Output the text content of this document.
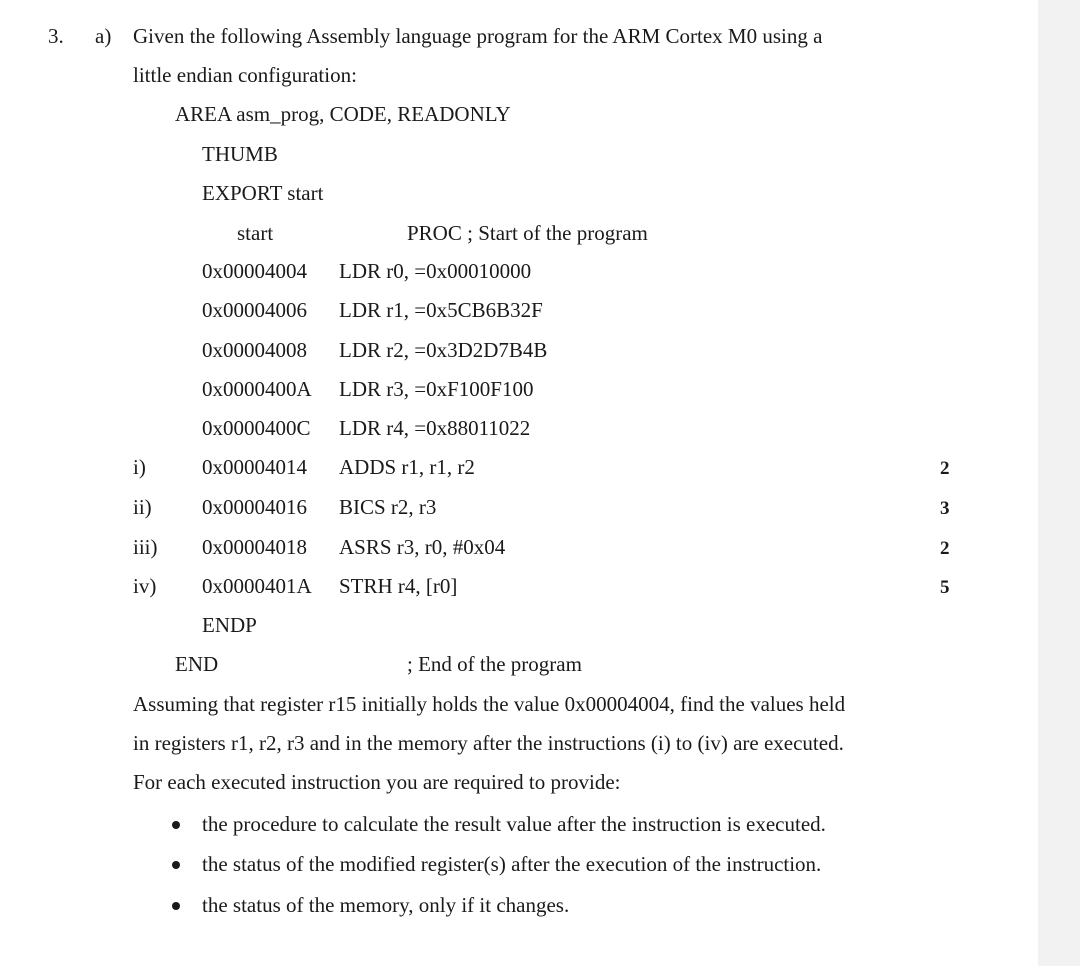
3. a) Given the following Assembly language program for the ARM Cortex M0 using a
little endian configuration:
AREA asm_prog, CODE, READONLY
THUMB
EXPORT start
start	PROC ; Start of the program
0x00004004 LDR r0, =0x00010000
0x00004006 LDR r1, =0x5CB6B32F
0x00004008 LDR r2, =0x3D2D7B4B
0x0000400A LDR r3, =0xF100F100
0x0000400C LDR r4, =0x88011022
i)	0x00004014 ADDS r1, r1, r2	2
ii) 0x00004016 BICS r2, r3	3
iii) 0x00004018 ASRS r3, r0, #0x04	2
iv) 0x0000401A STRH r4, [r0]	5
ENDP
END	; End of the program
Assuming that register r15 initially holds the value 0x00004004, find the values held
in registers r1, r2, r3 and in the memory after the instructions (i) to (iv) are executed.
For each executed instruction you are required to provide:
the procedure to calculate the result value after the instruction is executed.
the status of the modified register(s) after the execution of the instruction.
the status of the memory, only if it changes.
